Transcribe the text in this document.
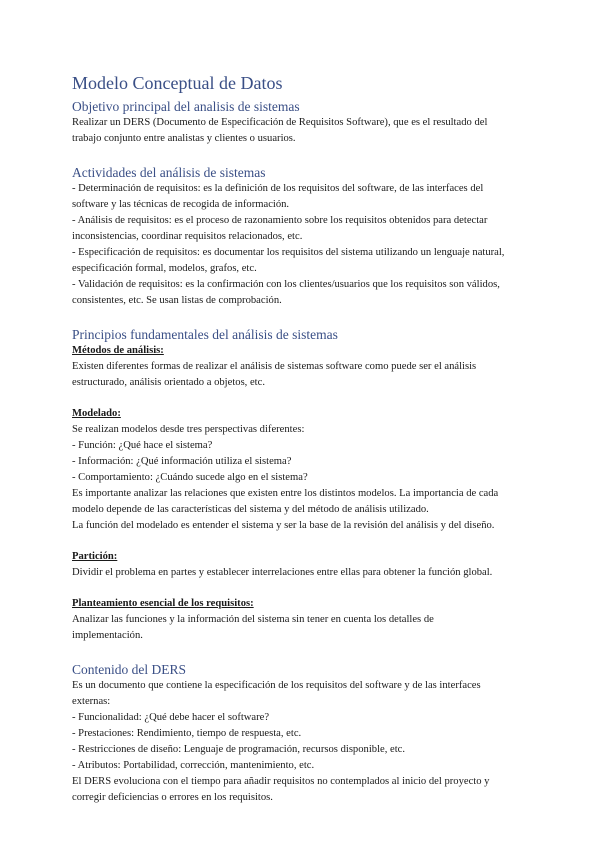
Modelo Conceptual de Datos
Objetivo principal del analisis de sistemas

Realizar un DERS (Documento de Especificación de Requisitos Software), que es el resultado del

trabajo conjunto entre analistas y clientes o usuarios.

Actividades del análisis de sistemas

- Determinación de requisitos: es la definición de los requisitos del software, de las interfaces del

software y las técnicas de recogida de información.

- Análisis de requisitos: es el proceso de razonamiento sobre los requisitos obtenidos para detectar

inconsistencias, coordinar requisitos relacionados, etc.

- Especificación de requisitos: es documentar los requisitos del sistema utilizando un lenguaje natural,

especificación formal, modelos, grafos, etc.

- Validación de requisitos: es la confirmación con los clientes/usuarios que los requisitos son válidos,

consistentes, etc. Se usan listas de comprobación.

Principios fundamentales del análisis de sistemas

Métodos de análisis:

Existen diferentes formas de realizar el análisis de sistemas software como puede ser el análisis

estructurado, análisis orientado a objetos, etc.

Modelado:

Se realizan modelos desde tres perspectivas diferentes:

- Función: ¿Qué hace el sistema?

- Información: ¿Qué información utiliza el sistema?

- Comportamiento: ¿Cuándo sucede algo en el sistema?

Es importante analizar las relaciones que existen entre los distintos modelos. La importancia de cada

modelo depende de las características del sistema y del método de análisis utilizado.

La función del modelado es entender el sistema y ser la base de la revisión del análisis y del diseño.

Partición:

Dividir el problema en partes y establecer interrelaciones entre ellas para obtener la función global.

Planteamiento esencial de los requisitos:

Analizar las funciones y la información del sistema sin tener en cuenta los detalles de

implementación.

Contenido del DERS

Es un documento que contiene la especificación de los requisitos del software y de las interfaces

externas:

- Funcionalidad: ¿Qué debe hacer el software?

- Prestaciones: Rendimiento, tiempo de respuesta, etc.

- Restricciones de diseño: Lenguaje de programación, recursos disponible, etc.

- Atributos: Portabilidad, corrección, mantenimiento, etc.

El DERS evoluciona con el tiempo para añadir requisitos no contemplados al inicio del proyecto y

corregir deficiencias o errores en los requisitos.
